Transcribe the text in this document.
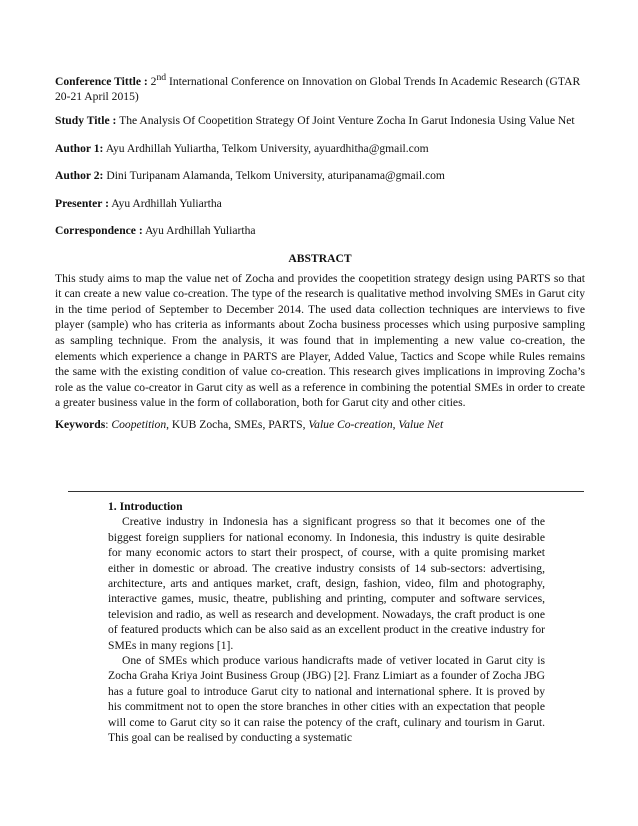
Conference Tittle : 2nd International Conference on Innovation on Global Trends In Academic Research (GTAR 20-21 April 2015)

Study Title : The Analysis Of Coopetition Strategy Of Joint Venture Zocha In Garut Indonesia Using Value Net

Author 1: Ayu Ardhillah Yuliartha, Telkom University, ayuardhitha@gmail.com

Author 2: Dini Turipanam Alamanda, Telkom University, aturipanama@gmail.com

Presenter : Ayu Ardhillah Yuliartha

Correspondence : Ayu Ardhillah Yuliartha

ABSTRACT

This study aims to map the value net of Zocha and provides the coopetition strategy design using PARTS so that it can create a new value co-creation. The type of the research is qualitative method involving SMEs in Garut city in the time period of September to December 2014. The used data collection techniques are interviews to five player (sample) who has criteria as informants about Zocha business processes which using purposive sampling as sampling technique. From the analysis, it was found that in implementing a new value co-creation, the elements which experience a change in PARTS are Player, Added Value, Tactics and Scope while Rules remains the same with the existing condition of value co-creation. This research gives implications in improving Zocha’s role as the value co-creator in Garut city as well as a reference in combining the potential SMEs in order to create a greater business value in the form of collaboration, both for Garut city and other cities.

Keywords: Coopetition, KUB Zocha, SMEs, PARTS, Value Co-creation, Value Net

1. Introduction

Creative industry in Indonesia has a significant progress so that it becomes one of the biggest foreign suppliers for national economy. In Indonesia, this industry is quite desirable for many economic actors to start their prospect, of course, with a quite promising market either in domestic or abroad. The creative industry consists of 14 sub-sectors: advertising, architecture, arts and antiques market, craft, design, fashion, video, film and photography, interactive games, music, theatre, publishing and printing, computer and software services, television and radio, as well as research and development. Nowadays, the craft product is one of featured products which can be also said as an excellent product in the creative industry for SMEs in many regions [1].

One of SMEs which produce various handicrafts made of vetiver located in Garut city is Zocha Graha Kriya Joint Business Group (JBG) [2]. Franz Limiart as a founder of Zocha JBG has a future goal to introduce Garut city to national and international sphere. It is proved by his commitment not to open the store branches in other cities with an expectation that people will come to Garut city so it can raise the potency of the craft, culinary and tourism in Garut. This goal can be realised by conducting a systematic
